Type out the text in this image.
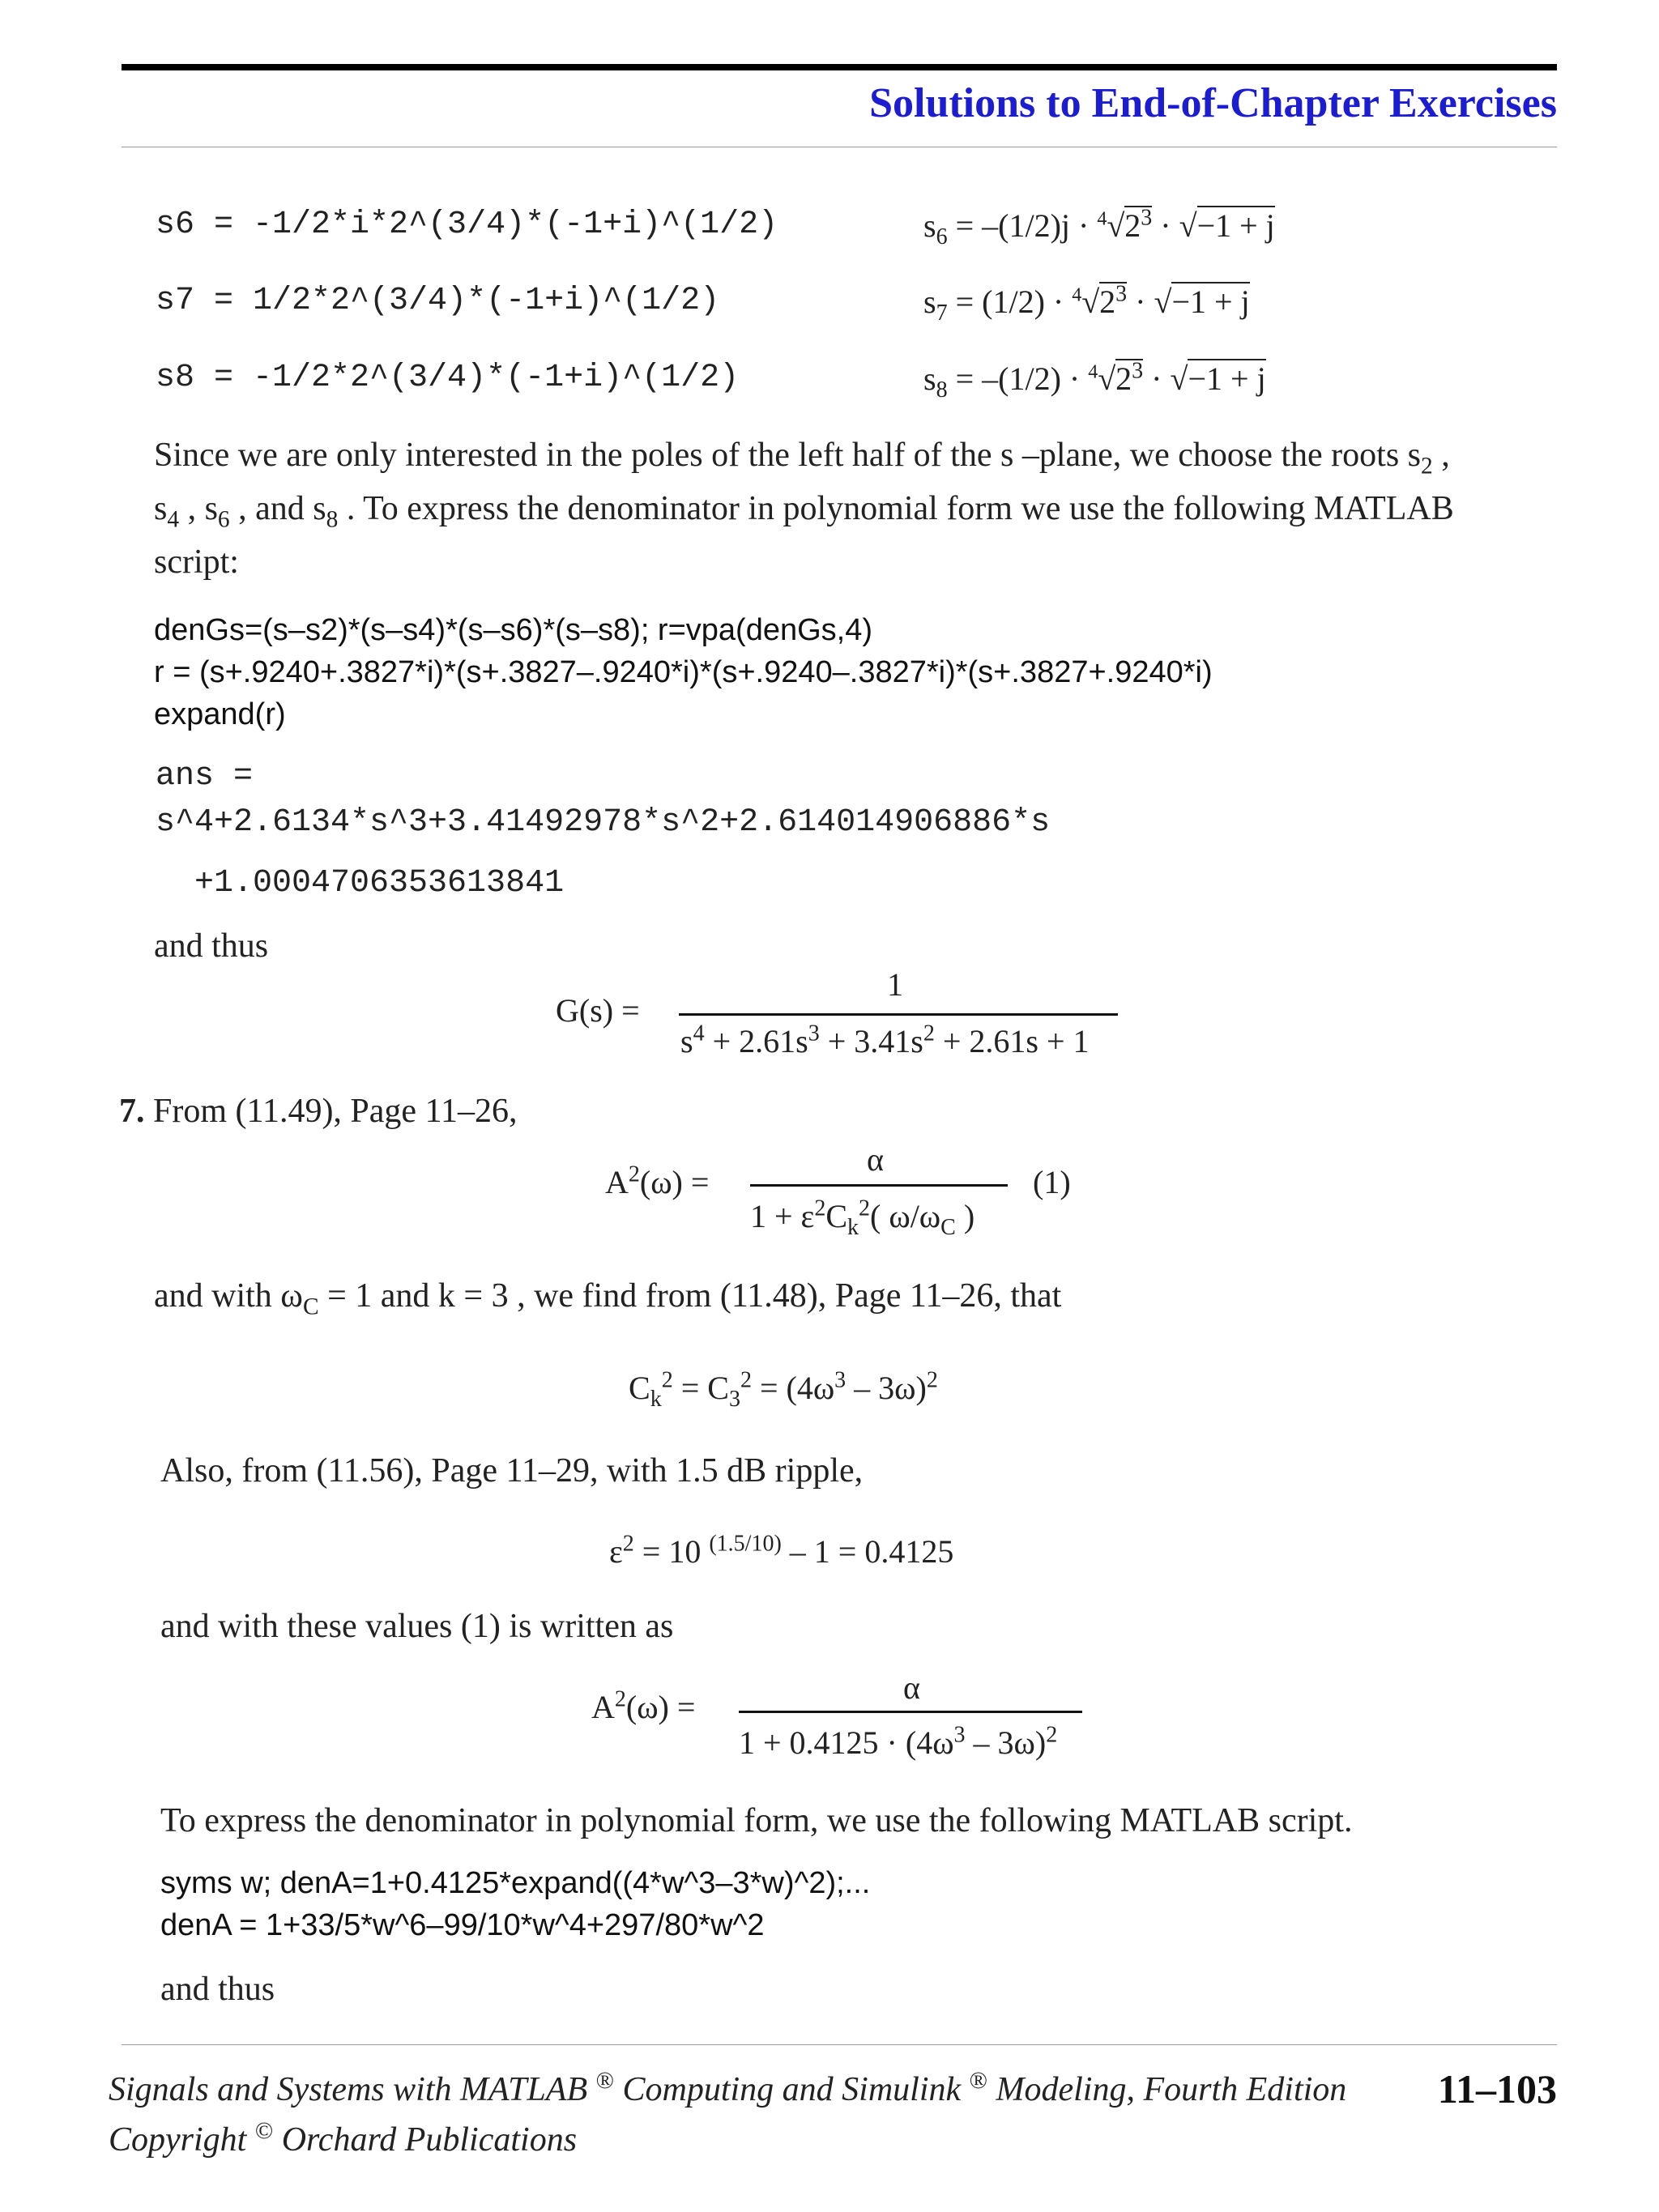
Solutions to End-of-Chapter Exercises
s6 = -1/2*i*2^(3/4)*(-1+i)^(1/2)
s7 = 1/2*2^(3/4)*(-1+i)^(1/2)
s8 = -1/2*2^(3/4)*(-1+i)^(1/2)
$s_6 = -(1/2)j \cdot ^4√2^3 \cdot √-1 + j$
$s_7 = (1/2) \cdot ^4√2^3 \cdot √-1 + j$
$s_8 = -(1/2) \cdot ^4√2^3 \cdot √-1 + j$
Since we are only interested in the poles of the left half of the s –plane, we choose the roots $s_2$ ,
$s_4$ , $s_6$ , and $s_8$ . To express the denominator in polynomial form we use the following MATLAB
script:
denGs=(s–s2)*(s–s4)*(s–s6)*(s–s8); r=vpa(denGs,4)
r = (s+.9240+.3827*i)*(s+.3827–.9240*i)*(s+.9240–.3827*i)*(s+.3827+.9240*i)
expand(r)
ans =
s^4+2.6134*s^3+3.41492978*s^2+2.614014906886*s
+1.0004706353613841
and thus
G(s) =
1
$s^4 + 2.61s^3 + 3.41s^2 + 2.61s + 1$
7. From (11.49), Page 11–26,
$A^2(\omega)$ =
α
$1 + \varepsilon^2C_k^2$( $\omega/\omega_C$ )
(1)
and with $\omega_C = 1$ and k = 3 , we find from (11.48), Page 11–26, that
$C_k^2 = C_3^2 = (4\omega^3 - 3\omega)^2$
Also, from (11.56), Page 11–29, with 1.5 dB ripple,
$\varepsilon^2 = 10$ $^{(1.5/10)}$ – 1 = 0.4125
and with these values (1) is written as
$A^2(\omega)$ =
α
$1 + 0.4125 \cdot (4\omega^3 - 3\omega)^2$
To express the denominator in polynomial form, we use the following MATLAB script.
syms w; denA=1+0.4125*expand((4*w^3–3*w)^2);...
denA = 1+33/5*w^6–99/10*w^4+297/80*w^2
and thus
Signals and Systems with MATLAB ® Computing and Simulink ® Modeling, Fourth Edition 11–103
Copyright © Orchard Publications
